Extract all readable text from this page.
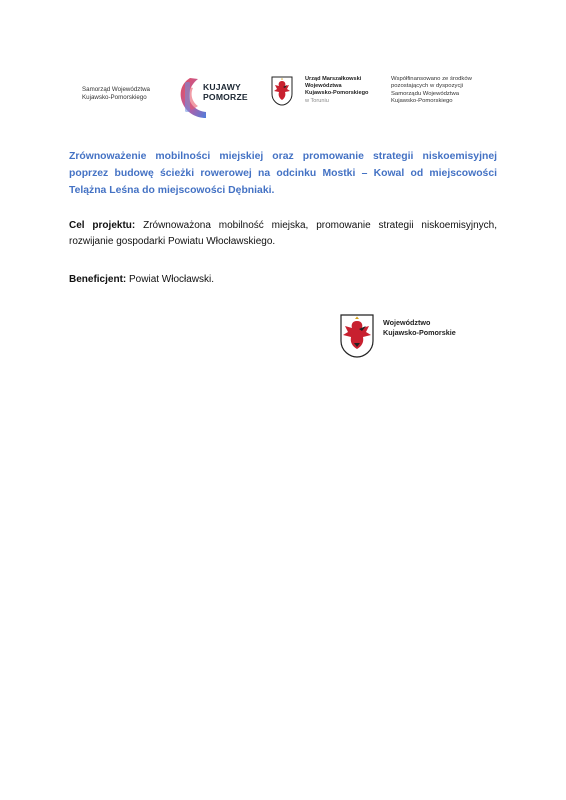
Samorząd Województwa
Kujawsko-Pomorskiego
KUJAWY
POMORZE
Urząd Marszałkowski
Województwa
Kujawsko-Pomorskiego
w Toruniu
Współfinansowano ze środków
pozostających w dyspozycji
Samorządu Województwa
Kujawsko-Pomorskiego
Zrównoważenie mobilności miejskiej oraz promowanie strategii niskoemisyjnej poprzez budowę ścieżki rowerowej na odcinku Mostki – Kowal od miejscowości Telążna Leśna do miejscowości Dębniaki.
Cel projektu: Zrównoważona mobilność miejska, promowanie strategii niskoemisyjnych, rozwijanie gospodarki Powiatu Włocławskiego.
Beneficjent: Powiat Włocławski.
Województwo
Kujawsko-Pomorskie
